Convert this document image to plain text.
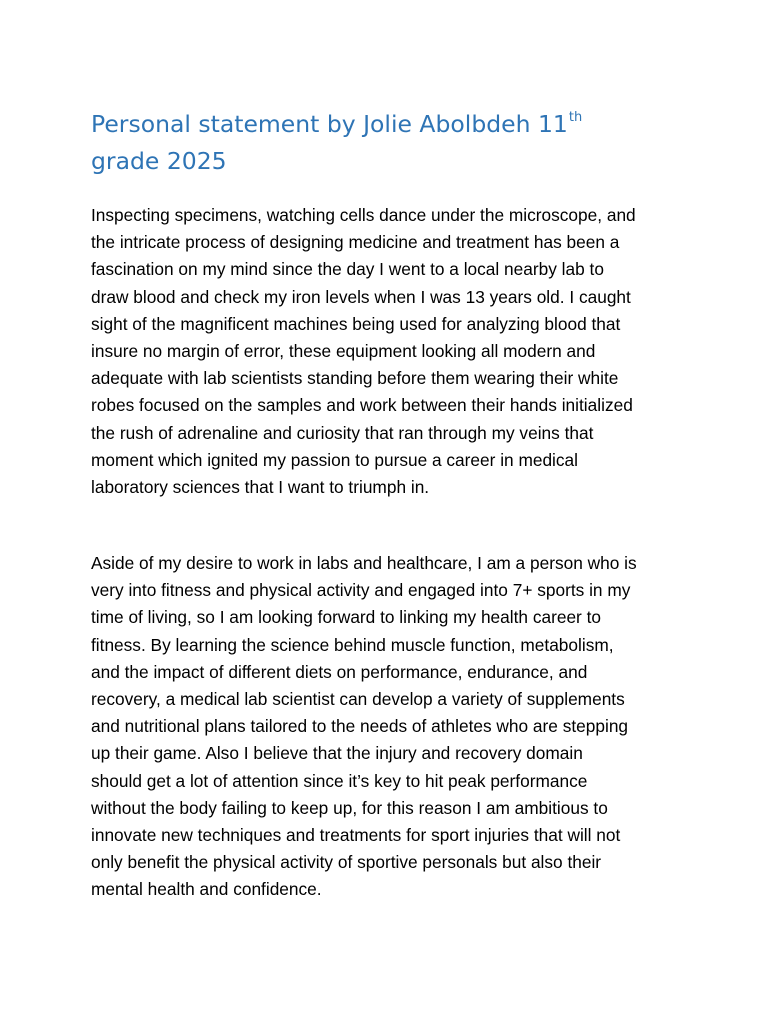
Personal statement by Jolie Abolbdeh 11th
grade 2025
Inspecting specimens, watching cells dance under the microscope, and
the intricate process of designing medicine and treatment has been a
fascination on my mind since the day I went to a local nearby lab to
draw blood and check my iron levels when I was 13 years old. I caught
sight of the magnificent machines being used for analyzing blood that
insure no margin of error, these equipment looking all modern and
adequate with lab scientists standing before them wearing their white
robes focused on the samples and work between their hands initialized
the rush of adrenaline and curiosity that ran through my veins that
moment which ignited my passion to pursue a career in medical
laboratory sciences that I want to triumph in.
Aside of my desire to work in labs and healthcare, I am a person who is
very into fitness and physical activity and engaged into 7+ sports in my
time of living, so I am looking forward to linking my health career to
fitness. By learning the science behind muscle function, metabolism,
and the impact of different diets on performance, endurance, and
recovery, a medical lab scientist can develop a variety of supplements
and nutritional plans tailored to the needs of athletes who are stepping
up their game. Also I believe that the injury and recovery domain
should get a lot of attention since it’s key to hit peak performance
without the body failing to keep up, for this reason I am ambitious to
innovate new techniques and treatments for sport injuries that will not
only benefit the physical activity of sportive personals but also their
mental health and confidence.
